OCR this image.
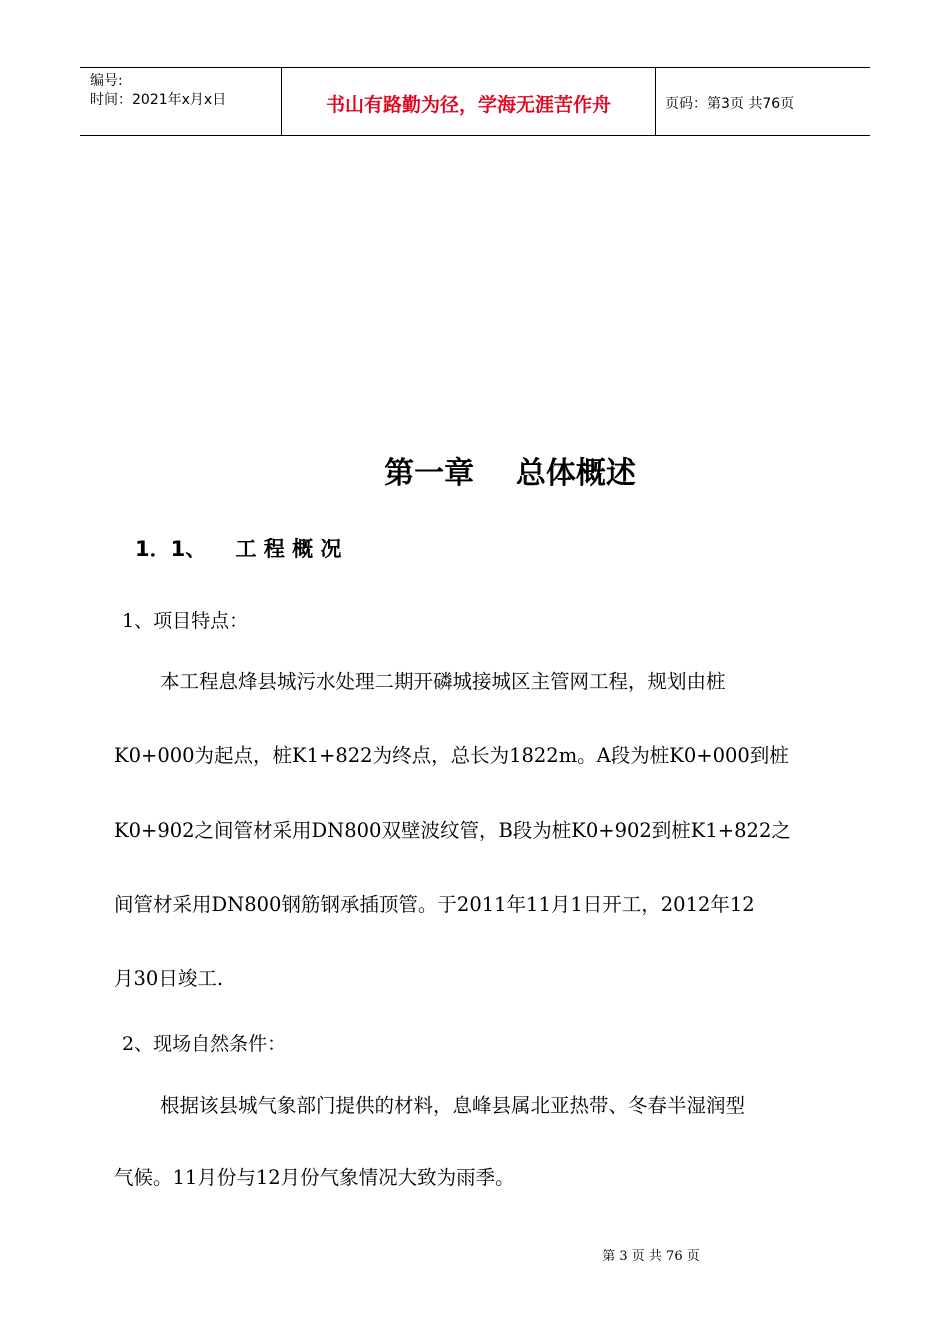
编号:
时间：2021年x月x日	书山有路勤为径，学海无涯苦作舟	页码：第3页 共76页
第一章    总体概述
1．1、    工 程 概 况
1、项目特点：
本工程息烽县城污水处理二期开磷城接城区主管网工程，规划由桩
K0+000为起点，桩K1+822为终点，总长为1822m。A段为桩K0+000到桩
K0+902之间管材采用DN800双壁波纹管，B段为桩K0+902到桩K1+822之
间管材采用DN800钢筋钢承插顶管。于2011年11月1日开工，2012年12
月30日竣工.
2、现场自然条件：
根据该县城气象部门提供的材料，息峰县属北亚热带、冬春半湿润型
气候。11月份与12月份气象情况大致为雨季。
第 3 页 共 76 页
